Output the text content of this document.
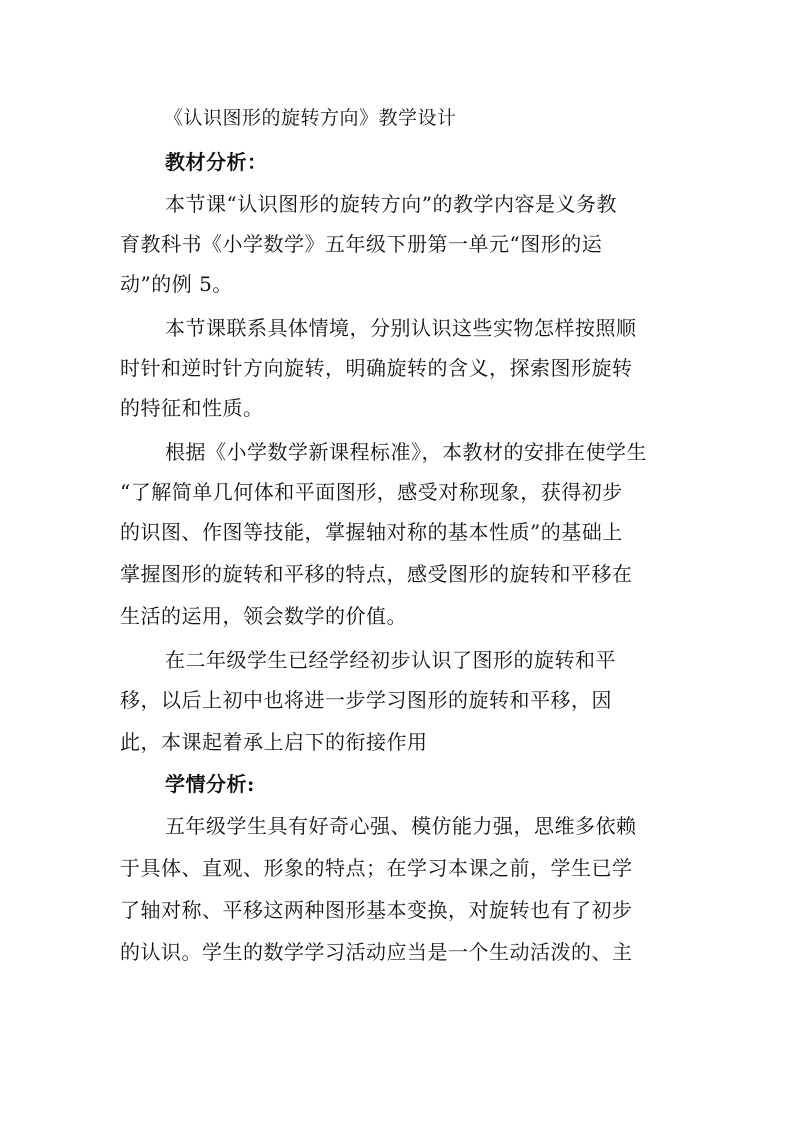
《认识图形的旋转方向》教学设计
教材分析：
本节课“认识图形的旋转方向”的教学内容是义务教
育教科书《小学数学》五年级下册第一单元“图形的运
动”的例 5。
本节课联系具体情境，分别认识这些实物怎样按照顺
时针和逆时针方向旋转，明确旋转的含义，探索图形旋转
的特征和性质。
根据《小学数学新课程标准》，本教材的安排在使学生
“了解简单几何体和平面图形，感受对称现象，获得初步
的识图、作图等技能，掌握轴对称的基本性质”的基础上
掌握图形的旋转和平移的特点，感受图形的旋转和平移在
生活的运用，领会数学的价值。
在二年级学生已经学经初步认识了图形的旋转和平
移，以后上初中也将进一步学习图形的旋转和平移，因
此，本课起着承上启下的衔接作用
学情分析:
五年级学生具有好奇心强、模仿能力强，思维多依赖
于具体、直观、形象的特点；在学习本课之前，学生已学
了轴对称、平移这两种图形基本变换，对旋转也有了初步
的认识。学生的数学学习活动应当是一个生动活泼的、主
